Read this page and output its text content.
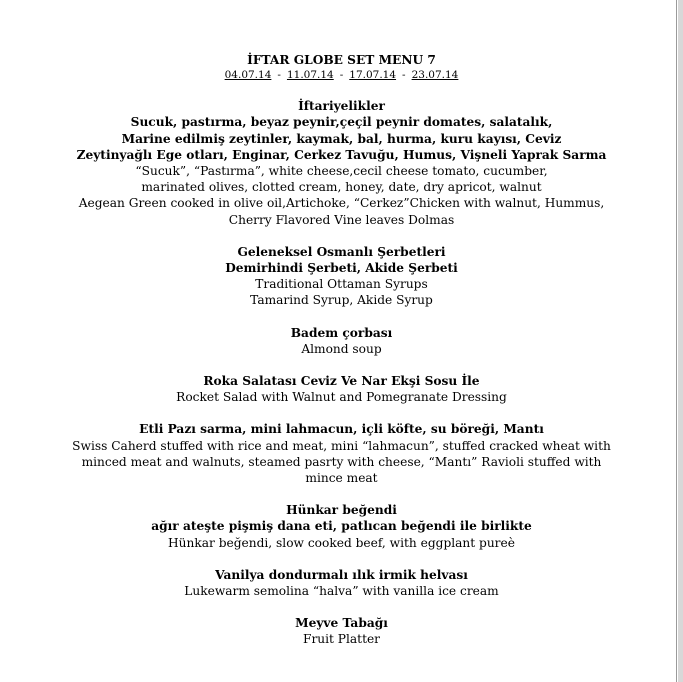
İFTAR GLOBE SET MENU 7
04.07.14 - 11.07.14 - 17.07.14 - 23.07.14
İftariyelikler
Sucuk, pastırma, beyaz peynir,çeçil peynir domates, salatalık,
Marine edilmiş zeytinler, kaymak, bal, hurma, kuru kayısı, Ceviz
Zeytinyağlı Ege otları, Enginar, Cerkez Tavuğu, Humus, Vişneli Yaprak Sarma
“Sucuk”, “Pastırma”, white cheese,cecil cheese tomato, cucumber,
marinated olives, clotted cream, honey, date, dry apricot, walnut
Aegean Green cooked in olive oil,Artichoke, “Cerkez”Chicken with walnut, Hummus,
Cherry Flavored Vine leaves Dolmas
Geleneksel Osmanlı Şerbetleri
Demirhindi Şerbeti, Akide Şerbeti
Traditional Ottaman Syrups
Tamarind Syrup, Akide Syrup
Badem çorbası
Almond soup
Roka Salatası Ceviz Ve Nar Ekşi Sosu İle
Rocket Salad with Walnut and Pomegranate Dressing
Etli Pazı sarma, mini lahmacun, içli köfte, su böreği, Mantı
Swiss Caherd stuffed with rice and meat, mini “lahmacun”, stuffed cracked wheat with
minced meat and walnuts, steamed pasrty with cheese, “Mantı” Ravioli stuffed with
mince meat
Hünkar beğendi
ağır ateşte pişmiş dana eti, patlıcan beğendi ile birlikte
Hünkar beğendi, slow cooked beef, with eggplant pureè
Vanilya dondurmalı ılık irmik helvası
Lukewarm semolina “halva” with vanilla ice cream
Meyve Tabağı
Fruit Platter
